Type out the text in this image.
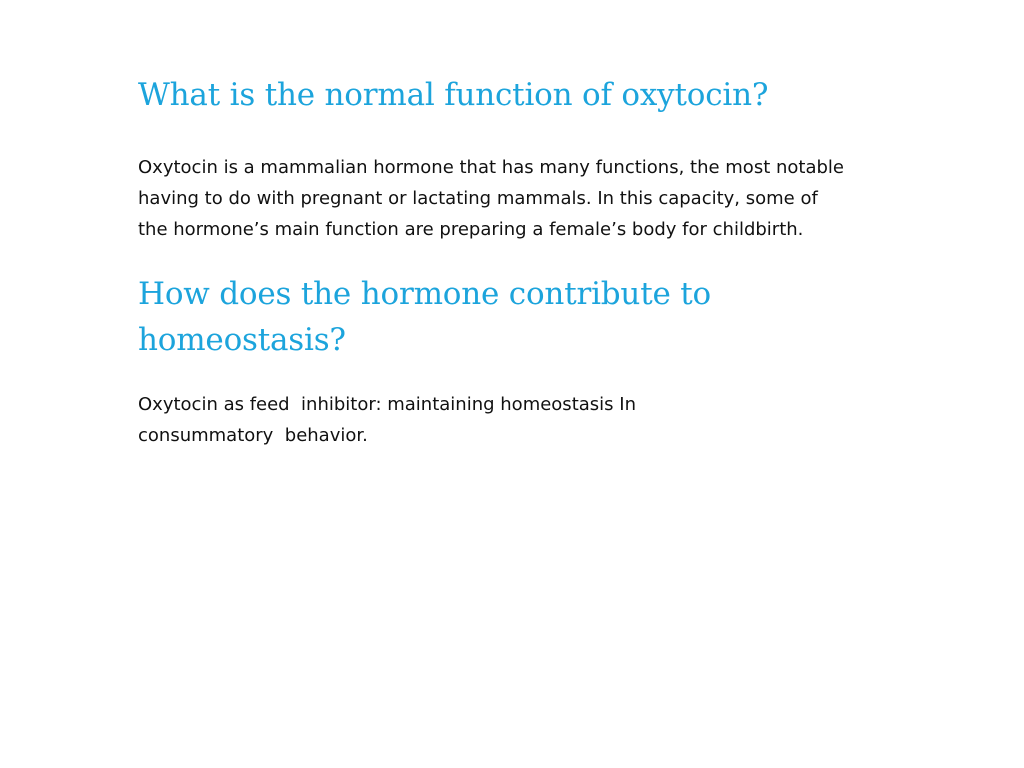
What is the normal function of oxytocin?

Oxytocin is a mammalian hormone that has many functions, the most notable having to do with pregnant or lactating mammals. In this capacity, some of  the hormone’s main function are preparing a female’s body for childbirth.

How does the hormone contribute to homeostasis?

Oxytocin as feed  inhibitor: maintaining homeostasis In consummatory  behavior.
